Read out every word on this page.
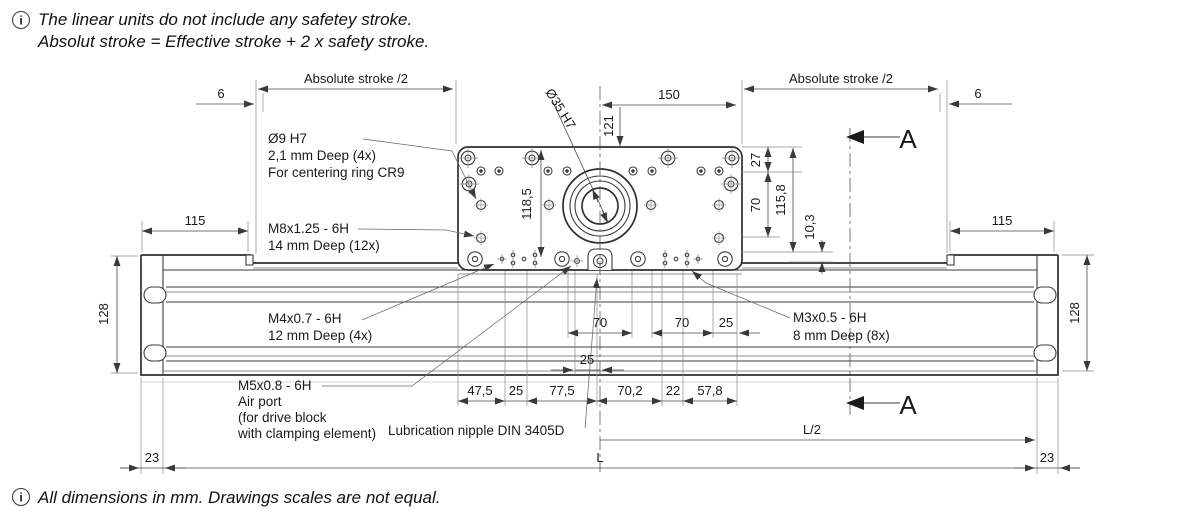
i The linear units do not include any safetey stroke.
Absolut stroke = Effective stroke + 2 x safety stroke.
A
A
Absolute stroke /2	Absolute stroke /2
6	6
150
121
Ø35 H7
118,5
27
70 115,8
10,3
115	115
128	128
70	70 25
25
47,5 25 77,5	70,2 22 57,8
L/2
23	L	23
Ø9 H7
2,1 mm Deep (4x)
For centering ring CR9
M8x1.25 - 6H
14 mm Deep (12x)
M4x0.7 - 6H
12 mm Deep (4x)
M5x0.8 - 6H
Air port
(for drive block
with clamping element) Lubrication nipple DIN 3405D
M3x0.5 - 6H
8 mm Deep (8x)
i All dimensions in mm. Drawings scales are not equal.
